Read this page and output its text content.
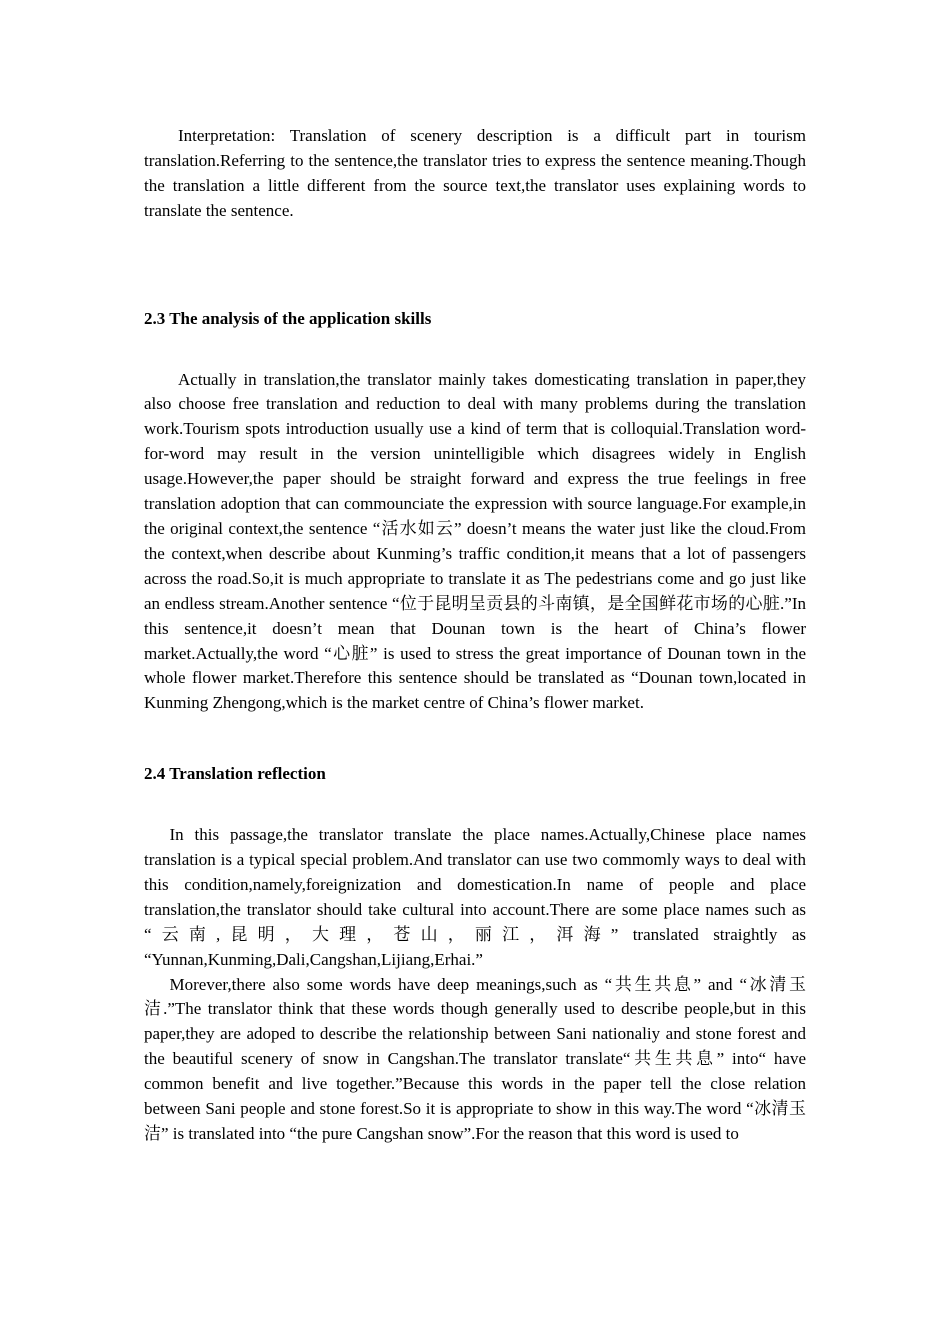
Interpretation: Translation of scenery description is a difficult part in tourism translation.Referring to the sentence,the translator tries to express the sentence meaning.Though the translation a little different from the source text,the translator uses explaining words to translate the sentence.

2.3 The analysis of the application skills

Actually in translation,the translator mainly takes domesticating translation in paper,they also choose free translation and reduction to deal with many problems during the translation work.Tourism spots introduction usually use a kind of term that is colloquial.Translation word-for-word may result in the version unintelligible which disagrees widely in English usage.However,the paper should be straight forward and express the true feelings in free translation adoption that can commounciate the expression with source language.For example,in the original context,the sentence “活水如云” doesn’t means the water just like the cloud.From the context,when describe about Kunming’s traffic condition,it means that a lot of passengers across the road.So,it is much appropriate to translate it as The pedestrians come and go just like an endless stream.Another sentence “位于昆明呈贡县的斗南镇，是全国鲜花市场的心脏.”In this sentence,it doesn’t mean that Dounan town is the heart of China’s flower market.Actually,the word “心脏” is used to stress the great importance of Dounan town in the whole flower market.Therefore this sentence should be translated as “Dounan town,located in Kunming Zhengong,which is the market centre of China’s flower market.

2.4 Translation reflection

In this passage,the translator translate the place names.Actually,Chinese place names translation is a typical special problem.And translator can use two commomly ways to deal with this condition,namely,foreignization and domestication.In name of people and place translation,the translator should take cultural into account.There are some place names such as “云南,昆明，大理，苍山，丽江，洱海” translated straightly as “Yunnan,Kunming,Dali,Cangshan,Lijiang,Erhai.”

Morever,there also some words have deep meanings,such as “共生共息” and “冰清玉洁.”The translator think that these words though generally used to describe people,but in this paper,they are adoped to describe the relationship between Sani nationaliy and stone forest and the beautiful scenery of snow in Cangshan.The translator translate“共生共息” into“ have common benefit and live together.”Because this words in the paper tell the close relation between Sani people and stone forest.So it is appropriate to show in this way.The word “冰清玉洁” is translated into “the pure Cangshan snow”.For the reason that this word is used to
